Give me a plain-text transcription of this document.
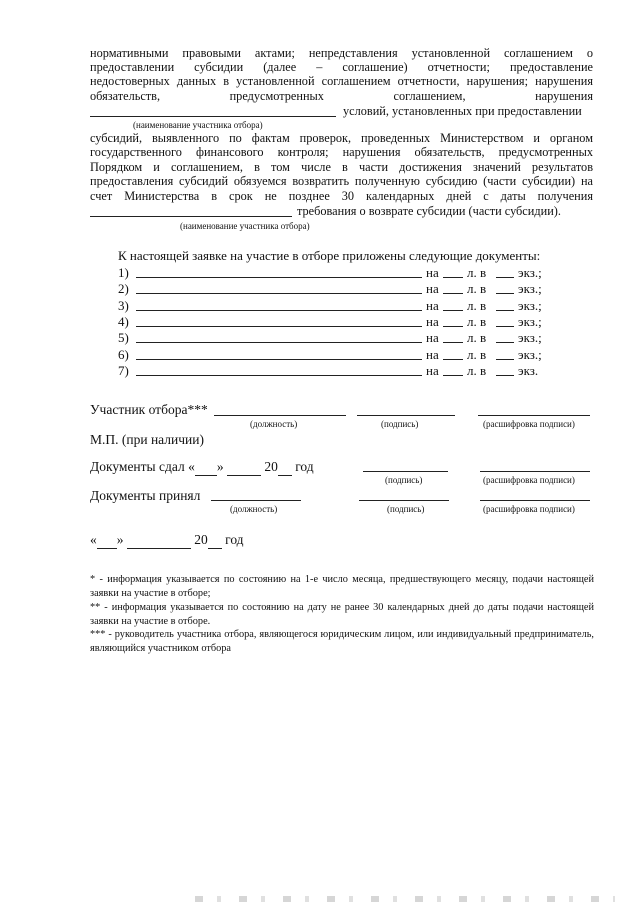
нормативными правовыми актами; непредставления установленной соглашением о
предоставлении субсидии (далее – соглашение) отчетности; предоставление
недостоверных данных в установленной соглашением отчетности, нарушения; нарушения
обязательств, предусмотренных соглашением, нарушения
условий, установленных при предоставлении
(наименование участника отбора)
субсидий, выявленного по фактам проверок, проведенных Министерством и органом
государственного финансового контроля; нарушения обязательств, предусмотренных
Порядком и соглашением, в том числе в части достижения значений результатов
предоставления субсидий обязуемся возвратить полученную субсидию (части субсидии) на
счет Министерства в срок не позднее 30 календарных дней с даты получения
требования о возврате субсидии (части субсидии).
(наименование участника отбора)
К настоящей заявке на участие в отборе приложены следующие документы:
1)	на л. в экз.;
2)	на л. в экз.;
3)	на л. в экз.;
4)	на л. в экз.;
5)	на л. в экз.;
6)	на л. в экз.;
7)	на л. в экз.
Участник отбора***
(должность)	(подпись)	(расшифровка подписи)
М.П. (при наличии)
Документы сдал « »	20 год
(подпись)	(расшифровка подписи)
Документы принял
(должность)	(подпись)	(расшифровка подписи)
« »	20 год
* - информация указывается по состоянию на 1-е число месяца, предшествующего месяцу, подачи настоящей заявки на участие в отборе;
** - информация указывается по состоянию на дату не ранее 30 календарных дней до даты подачи настоящей заявки на участие в отборе.
*** - руководитель участника отбора, являющегося юридическим лицом, или индивидуальный предприниматель, являющийся участником отбора
